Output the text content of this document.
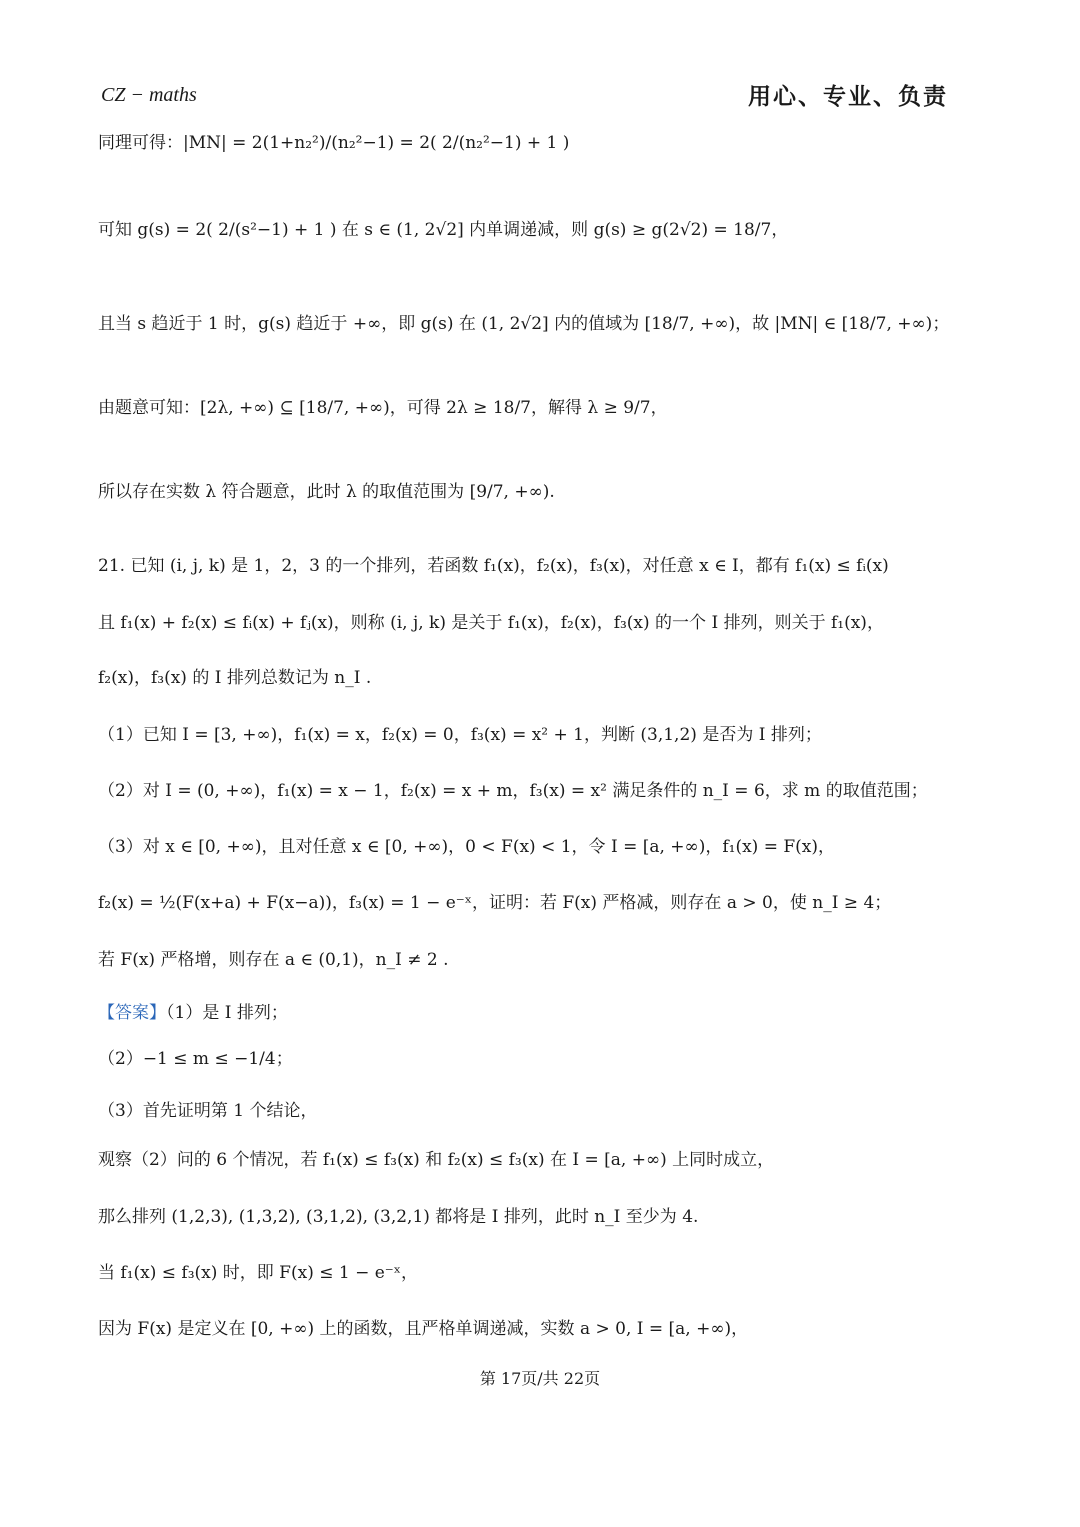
CZ − maths	用心、专业、负责
同理可得：|MN| = 2(1+n₂²)/(n₂²−1) = 2( 2/(n₂²−1) + 1 )
可知 g(s) = 2( 2/(s²−1) + 1 ) 在 s ∈ (1, 2√2] 内单调递减，则 g(s) ≥ g(2√2) = 18/7，
且当 s 趋近于 1 时，g(s) 趋近于 +∞，即 g(s) 在 (1, 2√2] 内的值域为 [18/7, +∞)，故 |MN| ∈ [18/7, +∞)；
由题意可知：[2λ, +∞) ⊆ [18/7, +∞)，可得 2λ ≥ 18/7，解得 λ ≥ 9/7，
所以存在实数 λ 符合题意，此时 λ 的取值范围为 [9/7, +∞).
21. 已知 (i, j, k) 是 1，2，3 的一个排列，若函数 f₁(x)，f₂(x)，f₃(x)，对任意 x ∈ I，都有 f₁(x) ≤ fᵢ(x)
且 f₁(x) + f₂(x) ≤ fᵢ(x) + fⱼ(x)，则称 (i, j, k) 是关于 f₁(x)，f₂(x)，f₃(x) 的一个 I 排列，则关于 f₁(x)，
f₂(x)，f₃(x) 的 I 排列总数记为 n_I .
（1）已知 I = [3, +∞)，f₁(x) = x，f₂(x) = 0，f₃(x) = x² + 1，判断 (3,1,2) 是否为 I 排列；
（2）对 I = (0, +∞)，f₁(x) = x − 1，f₂(x) = x + m，f₃(x) = x² 满足条件的 n_I = 6，求 m 的取值范围；
（3）对 x ∈ [0, +∞)，且对任意 x ∈ [0, +∞)，0 < F(x) < 1，令 I = [a, +∞)，f₁(x) = F(x)，
f₂(x) = ½(F(x+a) + F(x−a))，f₃(x) = 1 − e⁻ˣ，证明：若 F(x) 严格减，则存在 a > 0，使 n_I ≥ 4；
若 F(x) 严格增，则存在 a ∈ (0,1)，n_I ≠ 2 .
【答案】（1）是 I 排列；
（2）−1 ≤ m ≤ −1/4；
（3）首先证明第 1 个结论，
观察（2）问的 6 个情况，若 f₁(x) ≤ f₃(x) 和 f₂(x) ≤ f₃(x) 在 I = [a, +∞) 上同时成立，
那么排列 (1,2,3), (1,3,2), (3,1,2), (3,2,1) 都将是 I 排列，此时 n_I 至少为 4.
当 f₁(x) ≤ f₃(x) 时，即 F(x) ≤ 1 − e⁻ˣ，
因为 F(x) 是定义在 [0, +∞) 上的函数，且严格单调递减，实数 a > 0, I = [a, +∞)，
第 17页/共 22页
